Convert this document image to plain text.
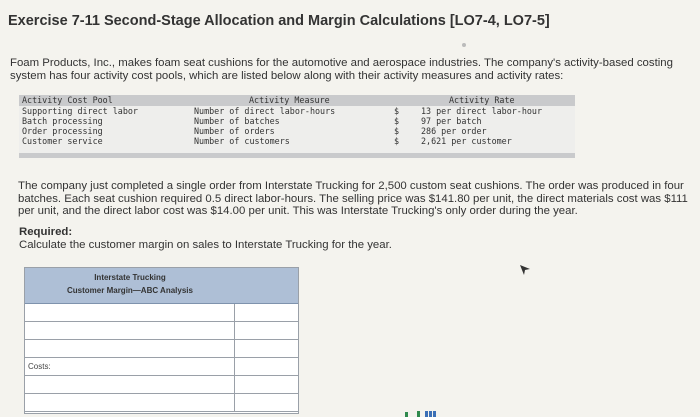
Exercise 7-11 Second-Stage Allocation and Margin Calculations [LO7-4, LO7-5]
Foam Products, Inc., makes foam seat cushions for the automotive and aerospace industries. The company's activity-based costing system has four activity cost pools, which are listed below along with their activity measures and activity rates:
Activity Cost Pool	Activity Measure	Activity Rate
Supporting direct labor	Number of direct labor-hours	$	13 per direct labor-hour
Batch processing	Number of batches	$	97 per batch
Order processing	Number of orders	$	286 per order
Customer service	Number of customers	$	2,621 per customer
The company just completed a single order from Interstate Trucking for 2,500 custom seat cushions. The order was produced in four batches. Each seat cushion required 0.5 direct labor-hours. The selling price was $141.80 per unit, the direct materials cost was $111 per unit, and the direct labor cost was $14.00 per unit. This was Interstate Trucking's only order during the year.
Required:
Calculate the customer margin on sales to Interstate Trucking for the year.
Interstate Trucking
Customer Margin—ABC Analysis
Costs:
